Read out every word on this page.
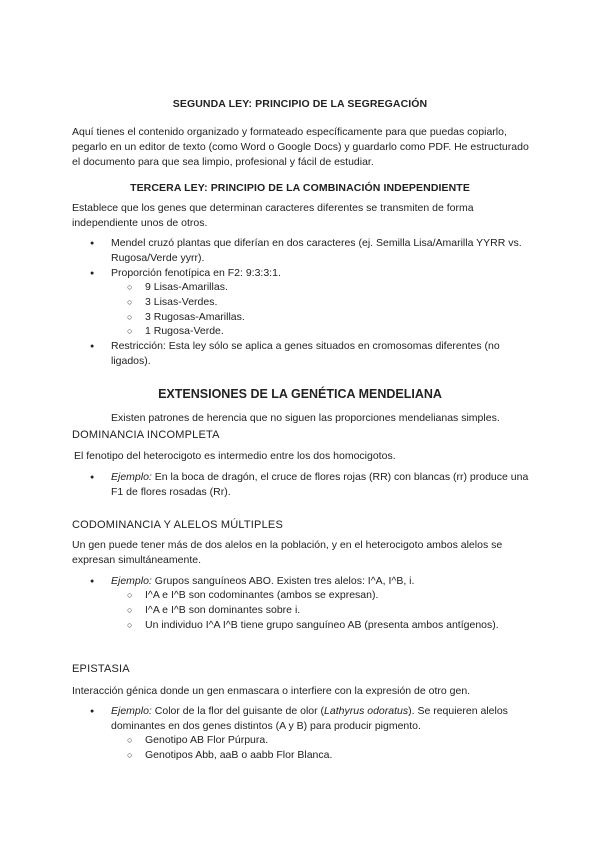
SEGUNDA LEY: PRINCIPIO DE LA SEGREGACIÓN
Aquí tienes el contenido organizado y formateado específicamente para que puedas copiarlo, pegarlo en un editor de texto (como Word o Google Docs) y guardarlo como PDF. He estructurado el documento para que sea limpio, profesional y fácil de estudiar.
TERCERA LEY: PRINCIPIO DE LA COMBINACIÓN INDEPENDIENTE
Establece que los genes que determinan caracteres diferentes se transmiten de forma independiente unos de otros.
● Mendel cruzó plantas que diferían en dos caracteres (ej. Semilla Lisa/Amarilla YYRR vs. Rugosa/Verde yyrr).
● Proporción fenotípica en F2: 9:3:3:1.
○ 9 Lisas-Amarillas.
○ 3 Lisas-Verdes.
○ 3 Rugosas-Amarillas.
○ 1 Rugosa-Verde.
● Restricción: Esta ley sólo se aplica a genes situados en cromosomas diferentes (no ligados).
EXTENSIONES DE LA GENÉTICA MENDELIANA
Existen patrones de herencia que no siguen las proporciones mendelianas simples.
DOMINANCIA INCOMPLETA
El fenotipo del heterocigoto es intermedio entre los dos homocigotos.
● Ejemplo: En la boca de dragón, el cruce de flores rojas (RR) con blancas (rr) produce una F1 de flores rosadas (Rr).
CODOMINANCIA Y ALELOS MÚLTIPLES
Un gen puede tener más de dos alelos en la población, y en el heterocigoto ambos alelos se expresan simultáneamente.
● Ejemplo: Grupos sanguíneos ABO. Existen tres alelos: I^A, I^B, i.
○ I^A e I^B son codominantes (ambos se expresan).
○ I^A e I^B son dominantes sobre i.
○ Un individuo I^A I^B tiene grupo sanguíneo AB (presenta ambos antígenos).
EPISTASIA
Interacción génica donde un gen enmascara o interfiere con la expresión de otro gen.
● Ejemplo: Color de la flor del guisante de olor (Lathyrus odoratus). Se requieren alelos dominantes en dos genes distintos (A y B) para producir pigmento.
○ Genotipo AB Flor Púrpura.
○ Genotipos Abb, aaB o aabb Flor Blanca.
